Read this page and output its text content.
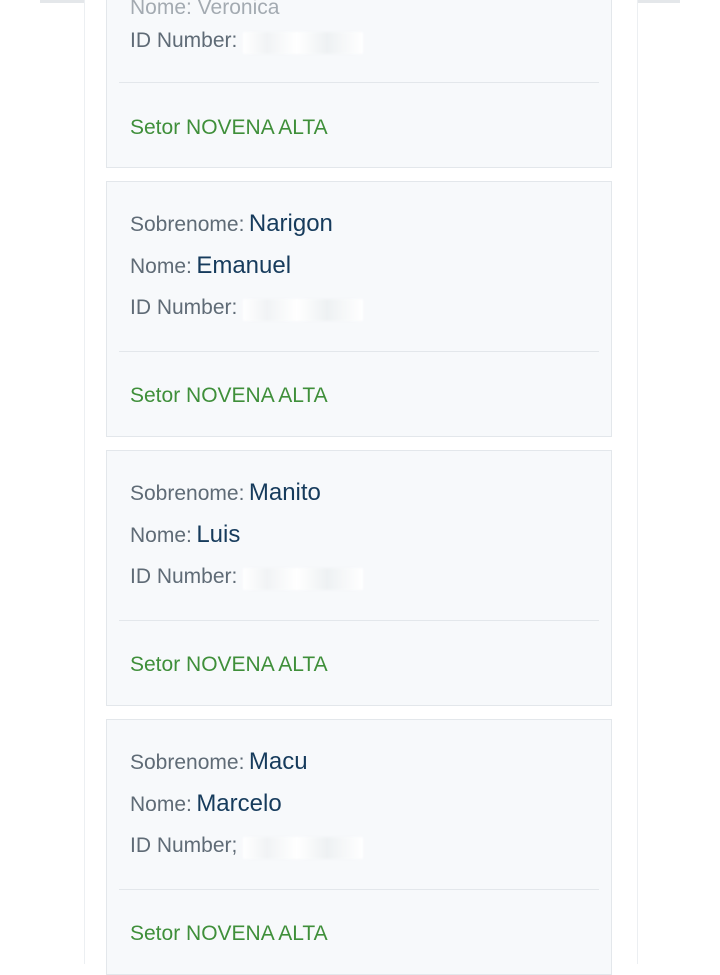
Nome: Veronica
ID Number:
Setor NOVENA ALTA
Sobrenome: Narigon
Nome: Emanuel
ID Number:
Setor NOVENA ALTA
Sobrenome: Manito
Nome: Luis
ID Number:
Setor NOVENA ALTA
Sobrenome: Macu
Nome: Marcelo
ID Number;
Setor NOVENA ALTA
